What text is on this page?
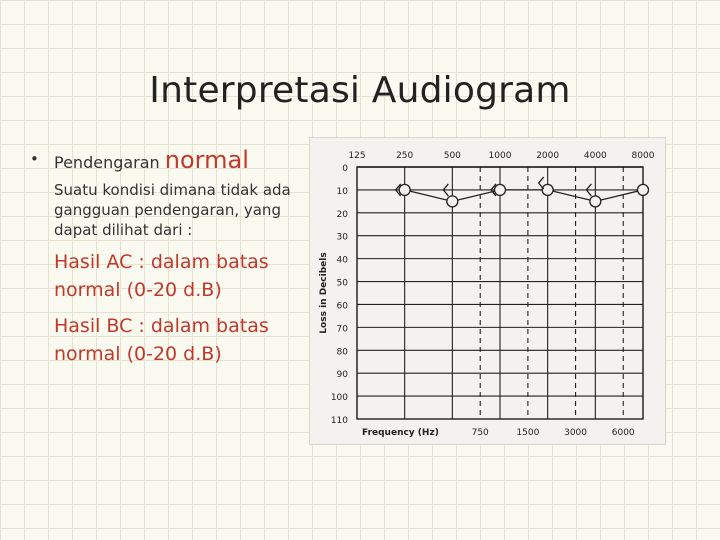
Interpretasi Audiogram
• Pendengaran normal
Suatu kondisi dimana tidak ada gangguan pendengaran, yang dapat dilihat dari :
Hasil AC : dalam batas normal (0-20 d.B)
Hasil BC : dalam batas normal (0-20 d.B)
0
10
20
30
40
50
60
70
80
90
100
110
125	250	500	1000	2000	4000	8000
750	1500	3000	6000
Frequency (Hz)
Loss in Decibels
